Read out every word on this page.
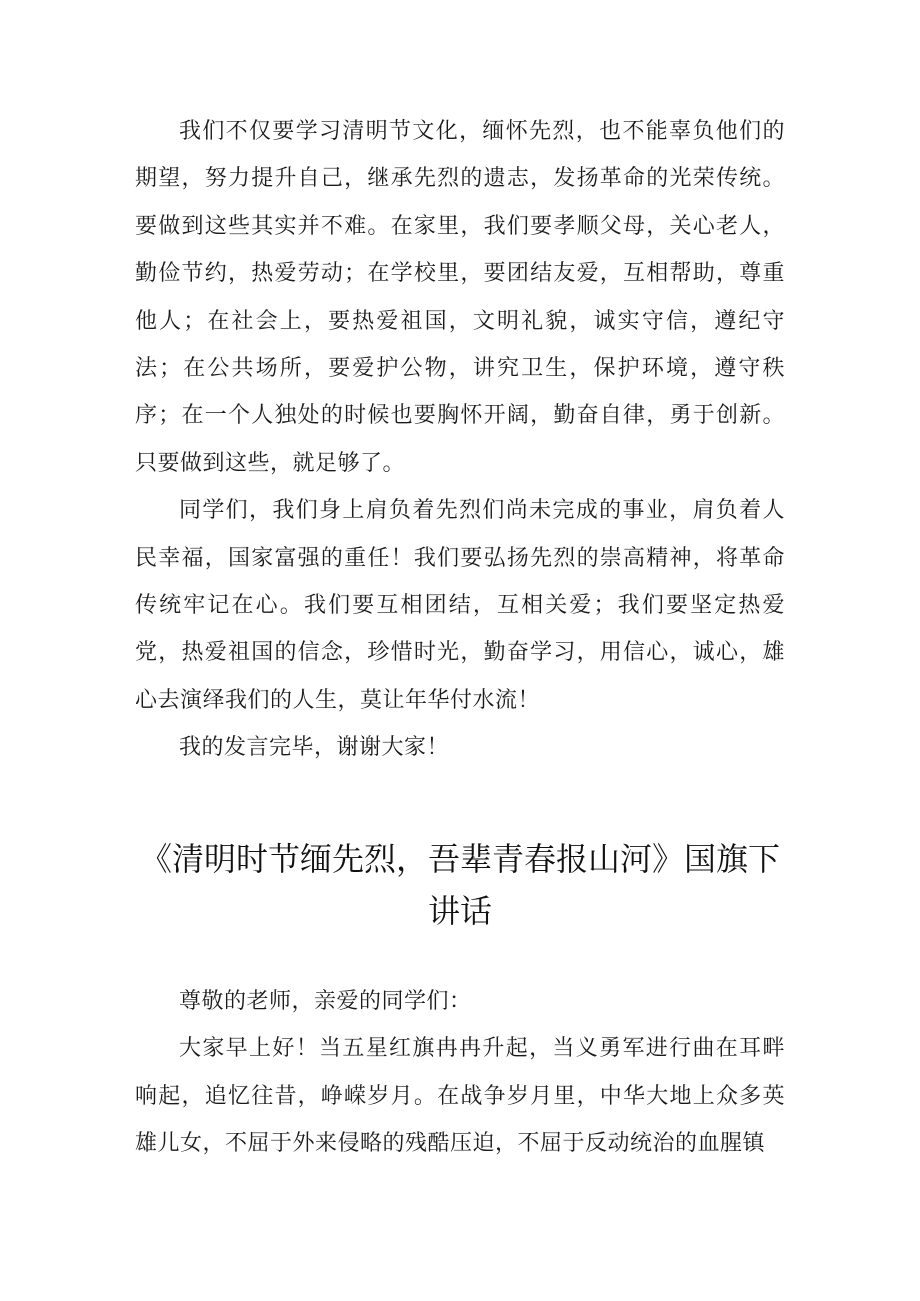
我们不仅要学习清明节文化，缅怀先烈，也不能辜负他们的期望，努力提升自己，继承先烈的遗志，发扬革命的光荣传统。要做到这些其实并不难。在家里，我们要孝顺父母，关心老人，勤俭节约，热爱劳动；在学校里，要团结友爱，互相帮助，尊重他人；在社会上，要热爱祖国，文明礼貌，诚实守信，遵纪守法；在公共场所，要爱护公物，讲究卫生，保护环境，遵守秩序；在一个人独处的时候也要胸怀开阔，勤奋自律，勇于创新。只要做到这些，就足够了。

同学们，我们身上肩负着先烈们尚未完成的事业，肩负着人民幸福，国家富强的重任！我们要弘扬先烈的崇高精神，将革命传统牢记在心。我们要互相团结，互相关爱；我们要坚定热爱党，热爱祖国的信念，珍惜时光，勤奋学习，用信心，诚心，雄心去演绎我们的人生，莫让年华付水流！

我的发言完毕，谢谢大家！

《清明时节缅先烈，吾辈青春报山河》国旗下讲话

尊敬的老师，亲爱的同学们：

大家早上好！当五星红旗冉冉升起，当义勇军进行曲在耳畔响起，追忆往昔，峥嵘岁月。在战争岁月里，中华大地上众多英雄儿女，不屈于外来侵略的残酷压迫，不屈于反动统治的血腥镇
